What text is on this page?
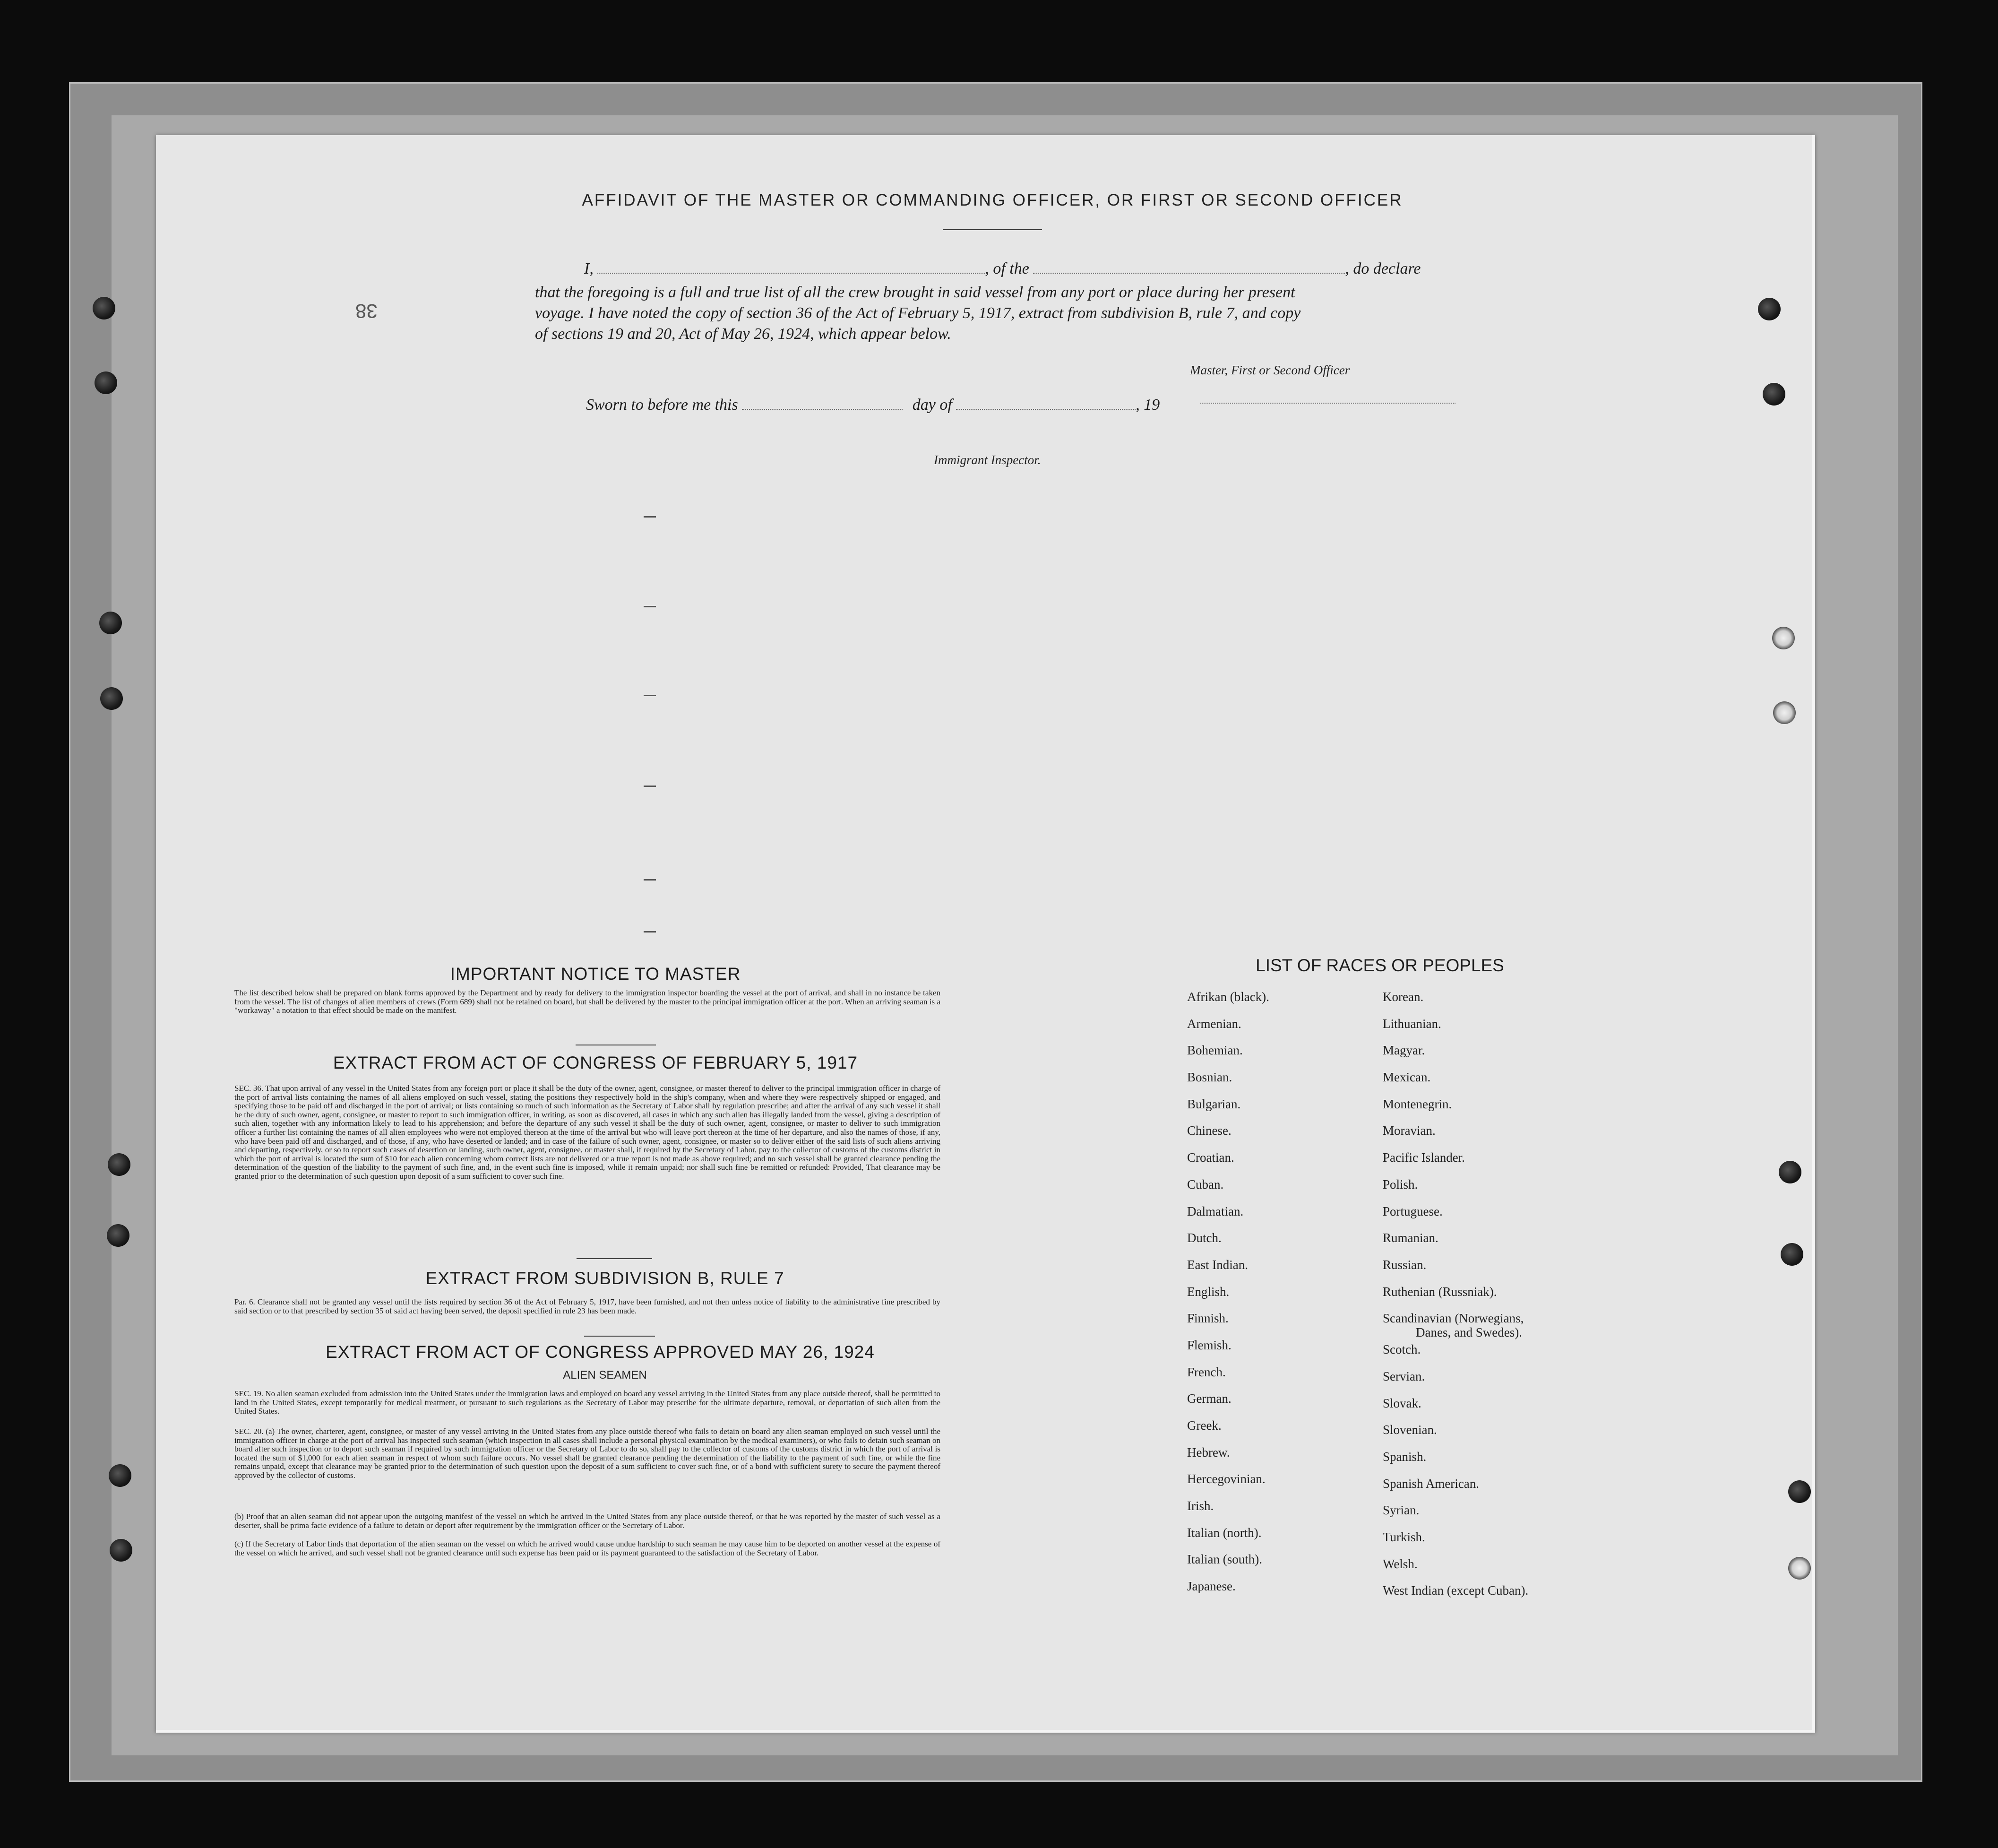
AFFIDAVIT OF THE MASTER OR COMMANDING OFFICER, OR FIRST OR SECOND OFFICER
I,	, of the	, do declare
that the foregoing is a full and true list of all the crew brought in said vessel from any port or place during her present
voyage. I have noted the copy of section 36 of the Act of February 5, 1917, extract from subdivision B, rule 7, and copy
of sections 19 and 20, Act of May 26, 1924, which appear below.
Master, First or Second Officer
Sworn to before me this	day of	, 19
Immigrant Inspector.
38
IMPORTANT NOTICE TO MASTER
The list described below shall be prepared on blank forms approved by the Department and by ready for delivery to the immigration inspector boarding the vessel at the port of arrival, and shall in no instance be taken from the vessel. The list of changes of alien members of crews (Form 689) shall not be retained on board, but shall be delivered by the master to the principal immigration officer at the port. When an arriving seaman is a "workaway" a notation to that effect should be made on the manifest.
EXTRACT FROM ACT OF CONGRESS OF FEBRUARY 5, 1917
SEC. 36. That upon arrival of any vessel in the United States from any foreign port or place it shall be the duty of the owner, agent, consignee, or master thereof to deliver to the principal immigration officer in charge of the port of arrival lists containing the names of all aliens employed on such vessel, stating the positions they respectively hold in the ship's company, when and where they were respectively shipped or engaged, and specifying those to be paid off and discharged in the port of arrival; or lists containing so much of such information as the Secretary of Labor shall by regulation prescribe; and after the arrival of any such vessel it shall be the duty of such owner, agent, consignee, or master to report to such immigration officer, in writing, as soon as discovered, all cases in which any such alien has illegally landed from the vessel, giving a description of such alien, together with any information likely to lead to his apprehension; and before the departure of any such vessel it shall be the duty of such owner, agent, consignee, or master to deliver to such immigration officer a further list containing the names of all alien employees who were not employed thereon at the time of the arrival but who will leave port thereon at the time of her departure, and also the names of those, if any, who have been paid off and discharged, and of those, if any, who have deserted or landed; and in case of the failure of such owner, agent, consignee, or master so to deliver either of the said lists of such aliens arriving and departing, respectively, or so to report such cases of desertion or landing, such owner, agent, consignee, or master shall, if required by the Secretary of Labor, pay to the collector of customs of the customs district in which the port of arrival is located the sum of $10 for each alien concerning whom correct lists are not delivered or a true report is not made as above required; and no such vessel shall be granted clearance pending the determination of the question of the liability to the payment of such fine, and, in the event such fine is imposed, while it remain unpaid; nor shall such fine be remitted or refunded: Provided, That clearance may be granted prior to the determination of such question upon deposit of a sum sufficient to cover such fine.
EXTRACT FROM SUBDIVISION B, RULE 7
Par. 6. Clearance shall not be granted any vessel until the lists required by section 36 of the Act of February 5, 1917, have been furnished, and not then unless notice of liability to the administrative fine prescribed by said section or to that prescribed by section 35 of said act having been served, the deposit specified in rule 23 has been made.
EXTRACT FROM ACT OF CONGRESS APPROVED MAY 26, 1924
ALIEN SEAMEN
SEC. 19. No alien seaman excluded from admission into the United States under the immigration laws and employed on board any vessel arriving in the United States from any place outside thereof, shall be permitted to land in the United States, except temporarily for medical treatment, or pursuant to such regulations as the Secretary of Labor may prescribe for the ultimate departure, removal, or deportation of such alien from the United States.
SEC. 20. (a) The owner, charterer, agent, consignee, or master of any vessel arriving in the United States from any place outside thereof who fails to detain on board any alien seaman employed on such vessel until the immigration officer in charge at the port of arrival has inspected such seaman (which inspection in all cases shall include a personal physical examination by the medical examiners), or who fails to detain such seaman on board after such inspection or to deport such seaman if required by such immigration officer or the Secretary of Labor to do so, shall pay to the collector of customs of the customs district in which the port of arrival is located the sum of $1,000 for each alien seaman in respect of whom such failure occurs. No vessel shall be granted clearance pending the determination of the liability to the payment of such fine, or while the fine remains unpaid, except that clearance may be granted prior to the determination of such question upon the deposit of a sum sufficient to cover such fine, or of a bond with sufficient surety to secure the payment thereof approved by the collector of customs.
(b) Proof that an alien seaman did not appear upon the outgoing manifest of the vessel on which he arrived in the United States from any place outside thereof, or that he was reported by the master of such vessel as a deserter, shall be prima facie evidence of a failure to detain or deport after requirement by the immigration officer or the Secretary of Labor.
(c) If the Secretary of Labor finds that deportation of the alien seaman on the vessel on which he arrived would cause undue hardship to such seaman he may cause him to be deported on another vessel at the expense of the vessel on which he arrived, and such vessel shall not be granted clearance until such expense has been paid or its payment guaranteed to the satisfaction of the Secretary of Labor.
LIST OF RACES OR PEOPLES
Afrikan (black).
Armenian.
Bohemian.
Bosnian.
Bulgarian.
Chinese.
Croatian.
Cuban.
Dalmatian.
Dutch.
East Indian.
English.
Finnish.
Flemish.
French.
German.
Greek.
Hebrew.
Hercegovinian.
Irish.
Italian (north).
Italian (south).
Japanese.
Korean.
Lithuanian.
Magyar.
Mexican.
Montenegrin.
Moravian.
Pacific Islander.
Polish.
Portuguese.
Rumanian.
Russian.
Ruthenian (Russniak).
Scandinavian (Norwegians,
Danes, and Swedes).
Scotch.
Servian.
Slovak.
Slovenian.
Spanish.
Spanish American.
Syrian.
Turkish.
Welsh.
West Indian (except Cuban).
